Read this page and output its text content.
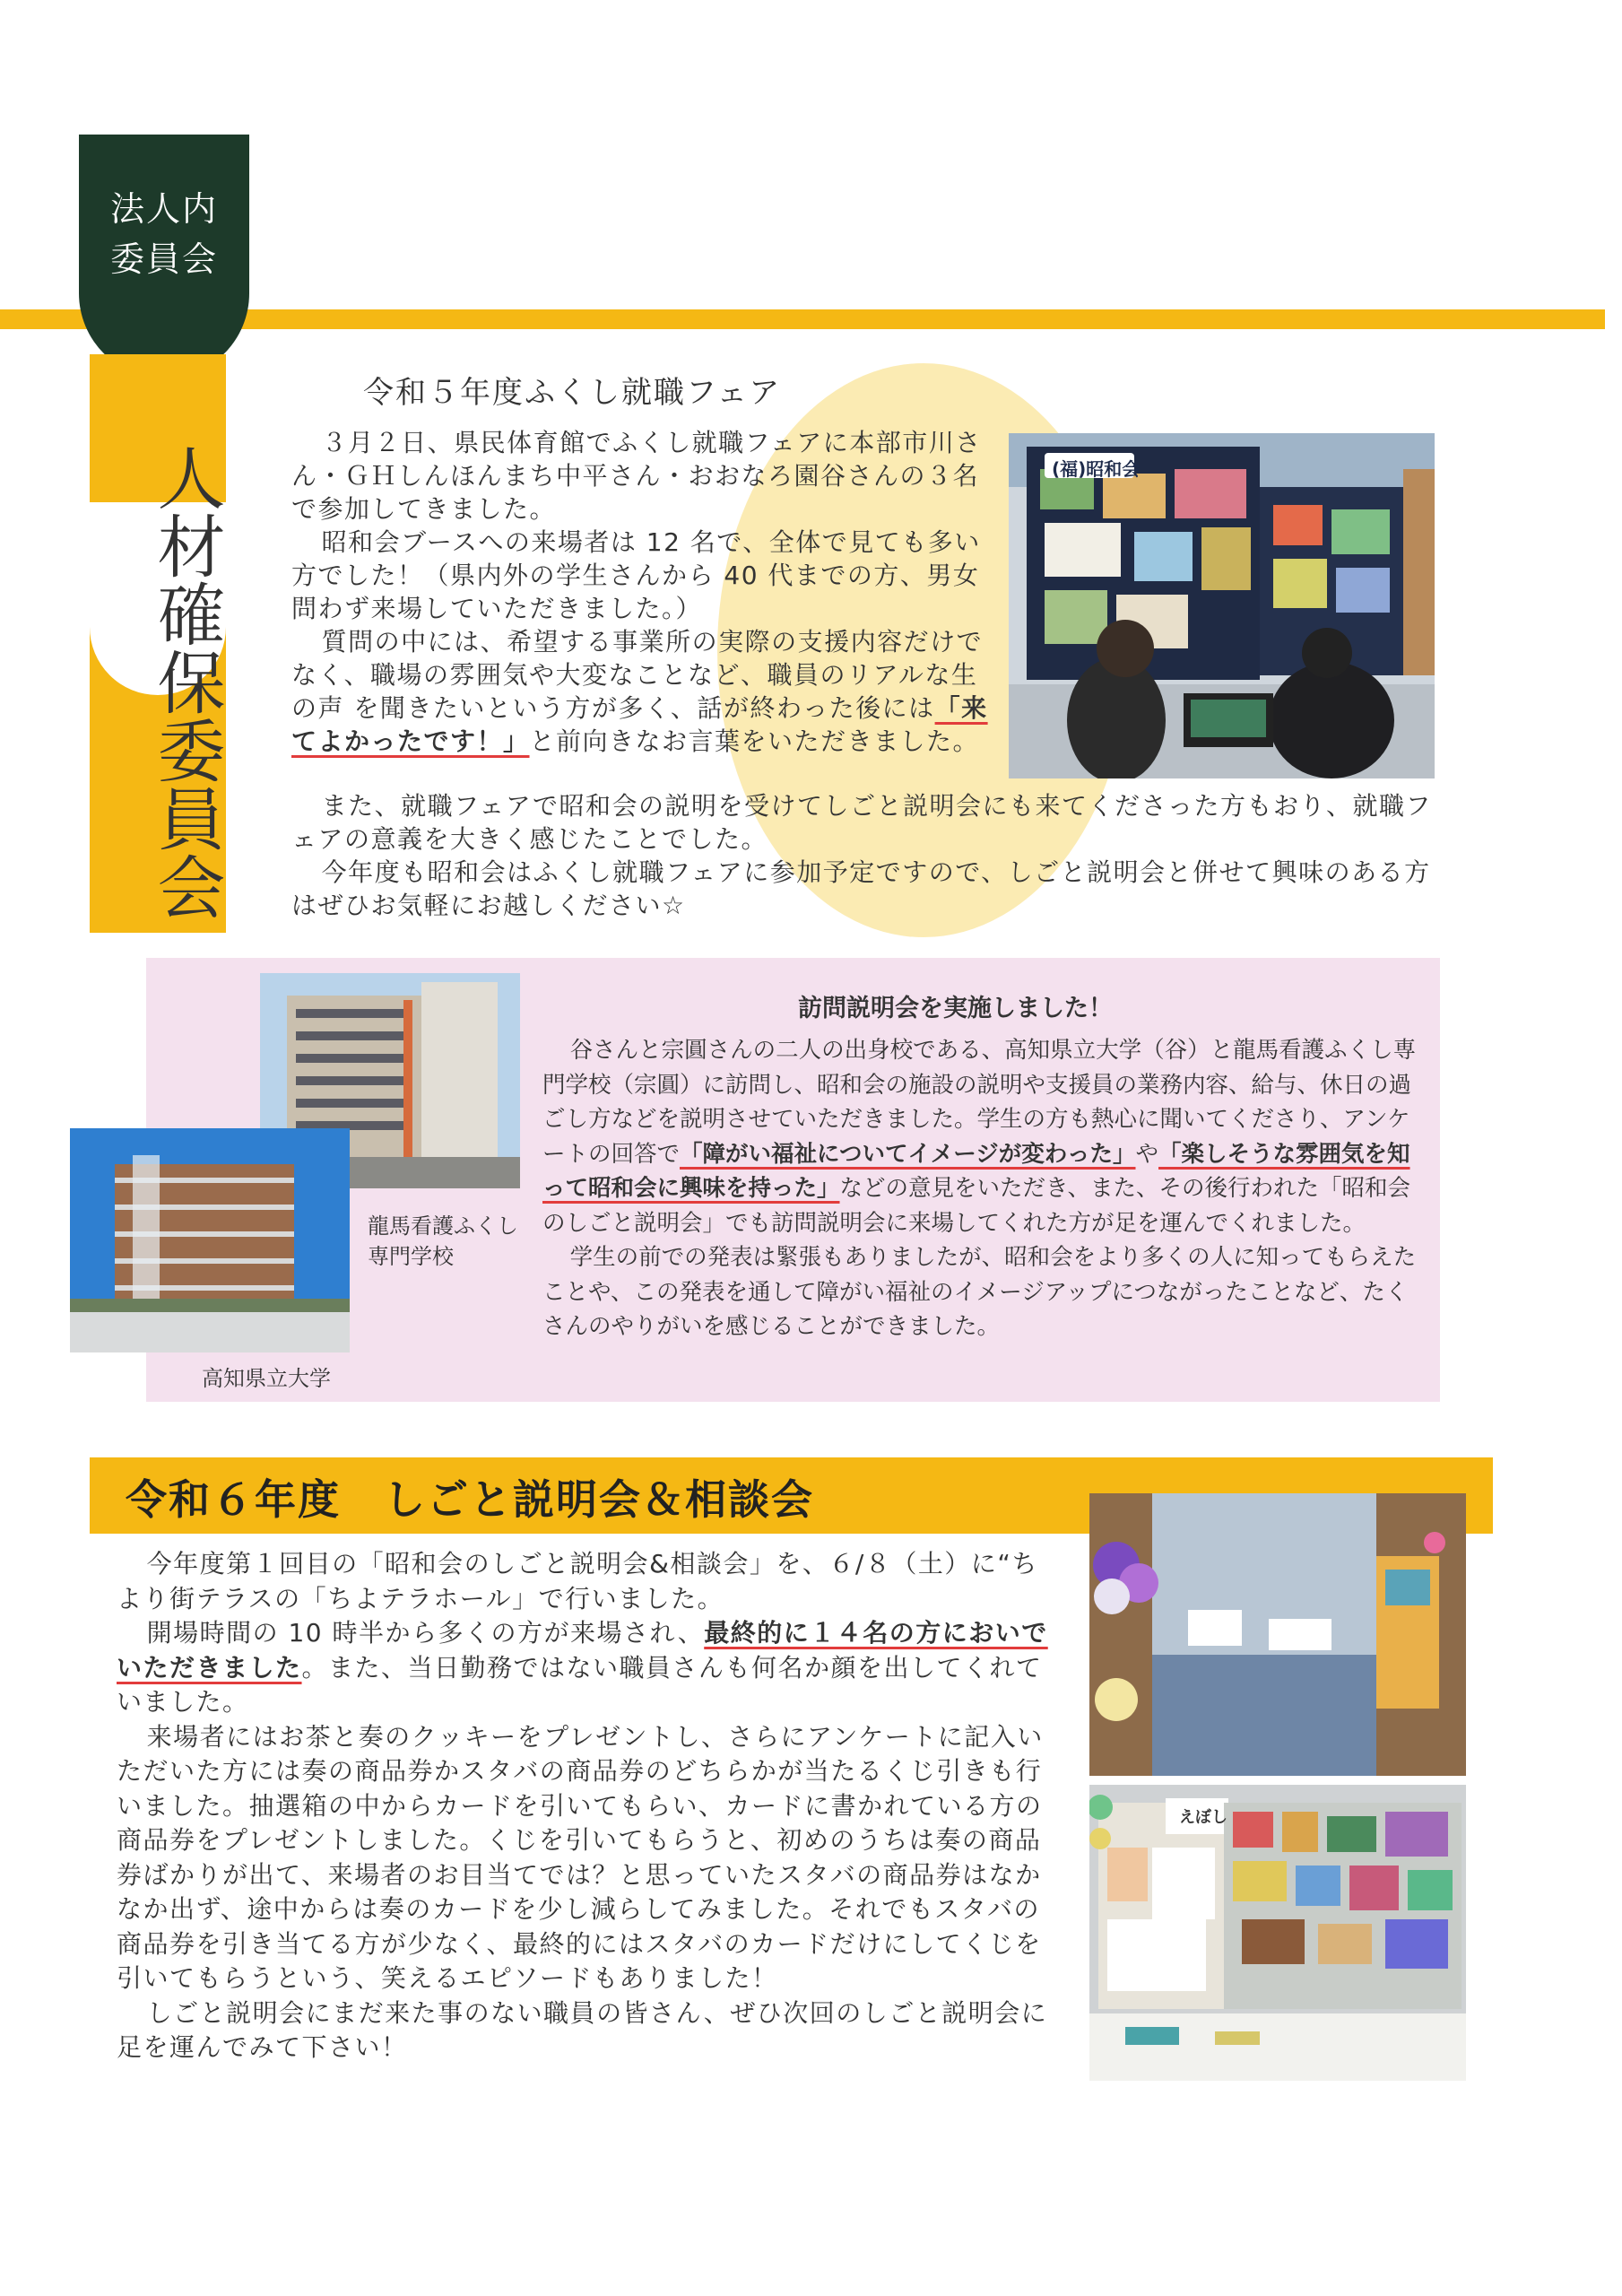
法人内
委員会
人材確保委員会
令和５年度ふくし就職フェア

３月２日、県民体育館でふくし就職フェアに本部市川さん・ＧＨしんほんまち中平さん・おおなろ園谷さんの３名で参加してきました。

昭和会ブースへの来場者は 12 名で、全体で見ても多い方でした！（県内外の学生さんから 40 代までの方、男女問わず来場していただきました。）

質問の中には、希望する事業所の実際の支援内容だけでなく、職場の雰囲気や大変なことなど、職員のリアルな生の声 を聞きたいという方が多く、話が終わった後には「来てよかったです！」と前向きなお言葉をいただきました。

また、就職フェアで昭和会の説明を受けてしごと説明会にも来てくださった方もおり、就職フェアの意義を大きく感じたことでした。

今年度も昭和会はふくし就職フェアに参加予定ですので、しごと説明会と併せて興味のある方はぜひお気軽にお越しください☆

(福)昭和会
訪問説明会を実施しました！

谷さんと宗圓さんの二人の出身校である、高知県立大学（谷）と龍馬看護ふくし専門学校（宗圓）に訪問し、昭和会の施設の説明や支援員の業務内容、給与、休日の過ごし方などを説明させていただきました。学生の方も熱心に聞いてくださり、アンケートの回答で「障がい福祉についてイメージが変わった」や「楽しそうな雰囲気を知って昭和会に興味を持った」などの意見をいただき、また、その後行われた「昭和会のしごと説明会」でも訪問説明会に来場してくれた方が足を運んでくれました。

学生の前での発表は緊張もありましたが、昭和会をより多くの人に知ってもらえたことや、この発表を通して障がい福祉のイメージアップにつながったことなど、たくさんのやりがいを感じることができました。

龍馬看護ふくし
専門学校
高知県立大学
令和６年度　しごと説明会＆相談会

今年度第１回目の「昭和会のしごと説明会&相談会」を、６/８（土）に“ちより街テラスの「ちよテラホール」で行いました。

開場時間の 10 時半から多くの方が来場され、最終的に１４名の方においでいただきました。また、当日勤務ではない職員さんも何名か顔を出してくれていました。

来場者にはお茶と奏のクッキーをプレゼントし、さらにアンケートに記入いただいた方には奏の商品券かスタバの商品券のどちらかが当たるくじ引きも行いました。抽選箱の中からカードを引いてもらい、カードに書かれている方の商品券をプレゼントしました。くじを引いてもらうと、初めのうちは奏の商品券ばかりが出て、来場者のお目当てでは？と思っていたスタバの商品券はなかなか出ず、途中からは奏のカードを少し減らしてみました。それでもスタバの商品券を引き当てる方が少なく、最終的にはスタバのカードだけにしてくじを引いてもらうという、笑えるエピソードもありました！

しごと説明会にまだ来た事のない職員の皆さん、ぜひ次回のしごと説明会に足を運んでみて下さい！

えぼし
